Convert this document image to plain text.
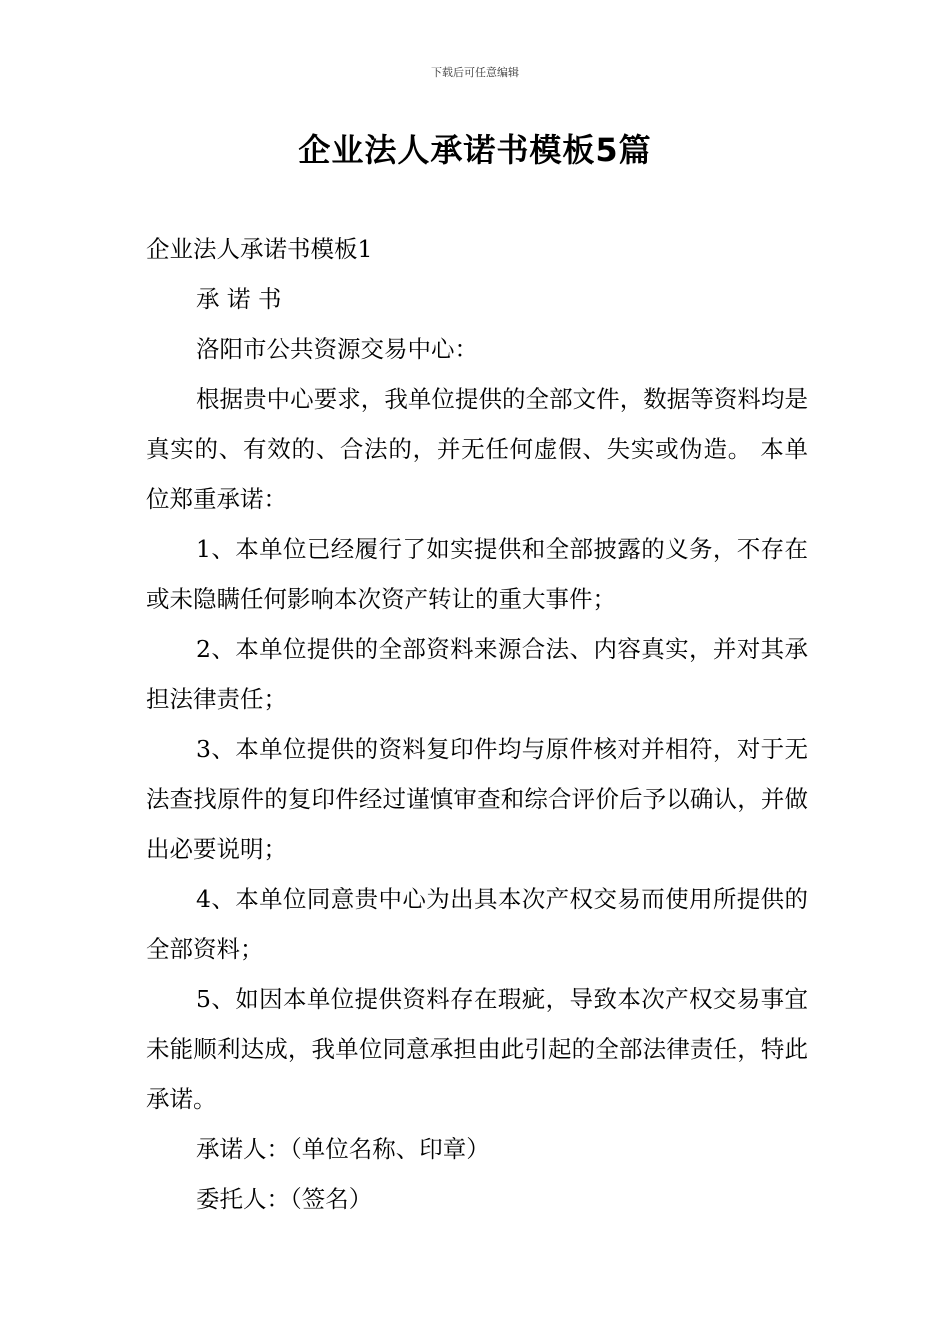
下载后可任意编辑
企业法人承诺书模板5篇

企业法人承诺书模板1

承 诺 书

洛阳市公共资源交易中心：

根据贵中心要求，我单位提供的全部文件，数据等资料均是真实的、有效的、合法的，并无任何虚假、失实或伪造。 本单位郑重承诺：

1、本单位已经履行了如实提供和全部披露的义务，不存在或未隐瞒任何影响本次资产转让的重大事件；

2、本单位提供的全部资料来源合法、内容真实，并对其承担法律责任；

3、本单位提供的资料复印件均与原件核对并相符，对于无法查找原件的复印件经过谨慎审查和综合评价后予以确认，并做出必要说明；

4、本单位同意贵中心为出具本次产权交易而使用所提供的全部资料；

5、如因本单位提供资料存在瑕疵，导致本次产权交易事宜未能顺利达成，我单位同意承担由此引起的全部法律责任，特此承诺。

承诺人：（单位名称、印章）

委托人：（签名）
